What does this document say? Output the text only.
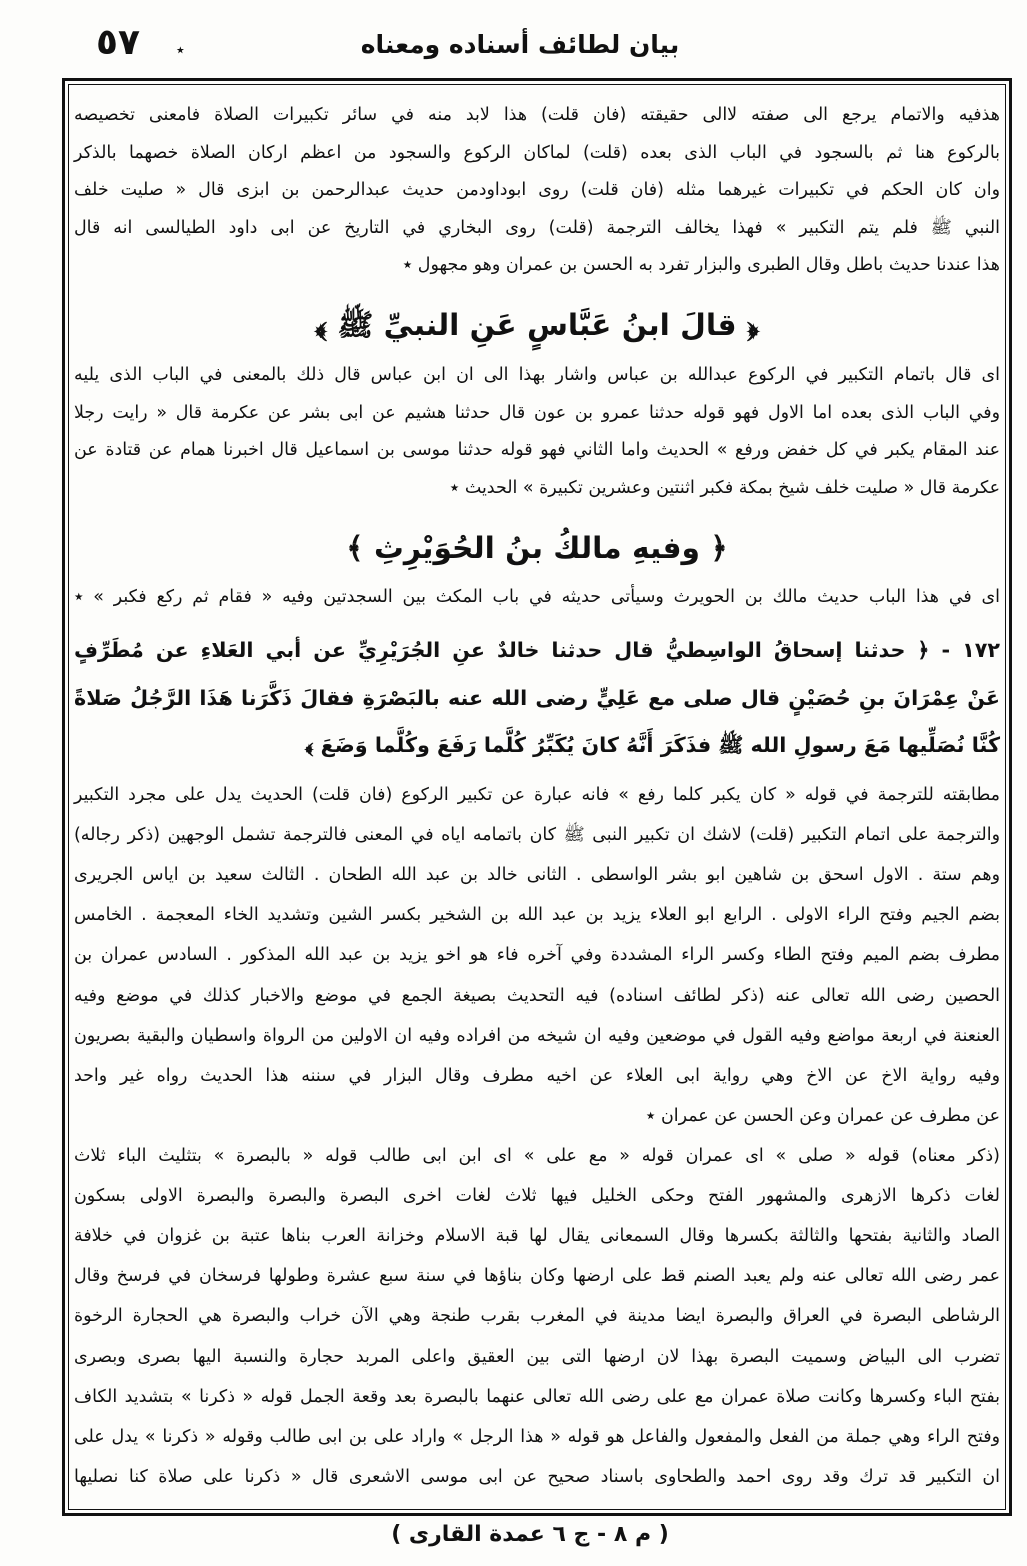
٥٧ ٭	بيان لطائف أسناده ومعناه
هذفيه والاتمام يرجع الى صفته لاالى حقيقته (فان قلت) هذا لابد منه في سائر تكبيرات الصلاة فامعنى تخصيصه
بالركوع هنا ثم بالسجود في الباب الذى بعده (قلت) لماكان الركوع والسجود من اعظم اركان الصلاة خصهما بالذكر
وان كان الحكم في تكبيرات غيرهما مثله (فان قلت) روى ابوداودمن حديث عبدالرحمن بن ابزى قال « صليت خلف
النبي ﷺ فلم يتم التكبير » فهذا يخالف الترجمة (قلت) روى البخاري في التاريخ عن ابى داود الطيالسى انه قال
هذا عندنا حديث باطل وقال الطبرى والبزار تفرد به الحسن بن عمران وهو مجهول ٭
﴿ قالَ ابنُ عَبَّاسٍ عَنِ النبيِّ ﷺ ﴾
اى قال باتمام التكبير في الركوع عبدالله بن عباس واشار بهذا الى ان ابن عباس قال ذلك بالمعنى في الباب الذى يليه
وفي الباب الذى بعده اما الاول فهو قوله حدثنا عمرو بن عون قال حدثنا هشيم عن ابى بشر عن عكرمة قال « رايت رجلا
عند المقام يكبر في كل خفض ورفع » الحديث واما الثاني فهو قوله حدثنا موسى بن اسماعيل قال اخبرنا همام عن قتادة عن
عكرمة قال « صليت خلف شيخ بمكة فكبر اثنتين وعشرين تكبيرة » الحديث ٭
﴿ وفيهِ مالكُ بنُ الحُوَيْرِثِ ﴾
اى في هذا الباب حديث مالك بن الحويرث وسيأتى حديثه في باب المكث بين السجدتين وفيه « فقام ثم ركع فكبر » ٭
١٧٢ - ﴿ حدثنا إسحاقُ الواسِطيُّ قال حدثنا خالدٌ عنِ الجُرَيْرِيِّ عن أبي العَلاءِ عن مُطَرِّفٍ
عَنْ عِمْرَانَ بنِ حُصَيْنٍ قال صلى مع عَلِيٍّ رضى الله عنه بالبَصْرَةِ فقالَ ذَكَّرَنا هَذَا الرَّجُلُ صَلاةً
كُنَّا نُصَلِّيها مَعَ رسولِ الله ﷺ فذَكَرَ أَنَّهُ كانَ يُكَبِّرُ كُلَّما رَفَعَ وكُلَّما وَضَعَ ﴾
مطابقته للترجمة في قوله « كان يكبر كلما رفع » فانه عبارة عن تكبير الركوع (فان قلت) الحديث يدل على مجرد التكبير
والترجمة على اتمام التكبير (قلت) لاشك ان تكبير النبى ﷺ كان باتمامه اياه في المعنى فالترجمة تشمل الوجهين (ذكر رجاله)
وهم ستة . الاول اسحق بن شاهين ابو بشر الواسطى . الثانى خالد بن عبد الله الطحان . الثالث سعيد بن اياس الجريرى
بضم الجيم وفتح الراء الاولى . الرابع ابو العلاء يزيد بن عبد الله بن الشخير بكسر الشين وتشديد الخاء المعجمة . الخامس
مطرف بضم الميم وفتح الطاء وكسر الراء المشددة وفي آخره فاء هو اخو يزيد بن عبد الله المذكور . السادس عمران بن
الحصين رضى الله تعالى عنه (ذكر لطائف اسناده) فيه التحديث بصيغة الجمع في موضع والاخبار كذلك في موضع وفيه
العنعنة في اربعة مواضع وفيه القول في موضعين وفيه ان شيخه من افراده وفيه ان الاولين من الرواة واسطيان والبقية بصريون
وفيه رواية الاخ عن الاخ وهي رواية ابى العلاء عن اخيه مطرف وقال البزار في سننه هذا الحديث رواه غير واحد
عن مطرف عن عمران وعن الحسن عن عمران ٭
(ذكر معناه) قوله « صلى » اى عمران قوله « مع على » اى ابن ابى طالب قوله « بالبصرة » بتثليث الباء ثلاث
لغات ذكرها الازهرى والمشهور الفتح وحكى الخليل فيها ثلاث لغات اخرى البصرة والبصرة والبصرة الاولى بسكون
الصاد والثانية بفتحها والثالثة بكسرها وقال السمعانى يقال لها قبة الاسلام وخزانة العرب بناها عتبة بن غزوان في خلافة
عمر رضى الله تعالى عنه ولم يعبد الصنم قط على ارضها وكان بناؤها في سنة سبع عشرة وطولها فرسخان في فرسخ وقال
الرشاطى البصرة في العراق والبصرة ايضا مدينة في المغرب بقرب طنجة وهي الآن خراب والبصرة هي الحجارة الرخوة
تضرب الى البياض وسميت البصرة بهذا لان ارضها التى بين العقيق واعلى المربد حجارة والنسبة اليها بصرى وبصرى
بفتح الباء وكسرها وكانت صلاة عمران مع على رضى الله تعالى عنهما بالبصرة بعد وقعة الجمل قوله « ذكرنا » بتشديد الكاف
وفتح الراء وهي جملة من الفعل والمفعول والفاعل هو قوله « هذا الرجل » واراد على بن ابى طالب وقوله « ذكرنا » يدل على
ان التكبير قد ترك وقد روى احمد والطحاوى باسناد صحيح عن ابى موسى الاشعرى قال « ذكرنا على صلاة كنا نصليها
( م ٨ - ج ٦ عمدة القارى )
